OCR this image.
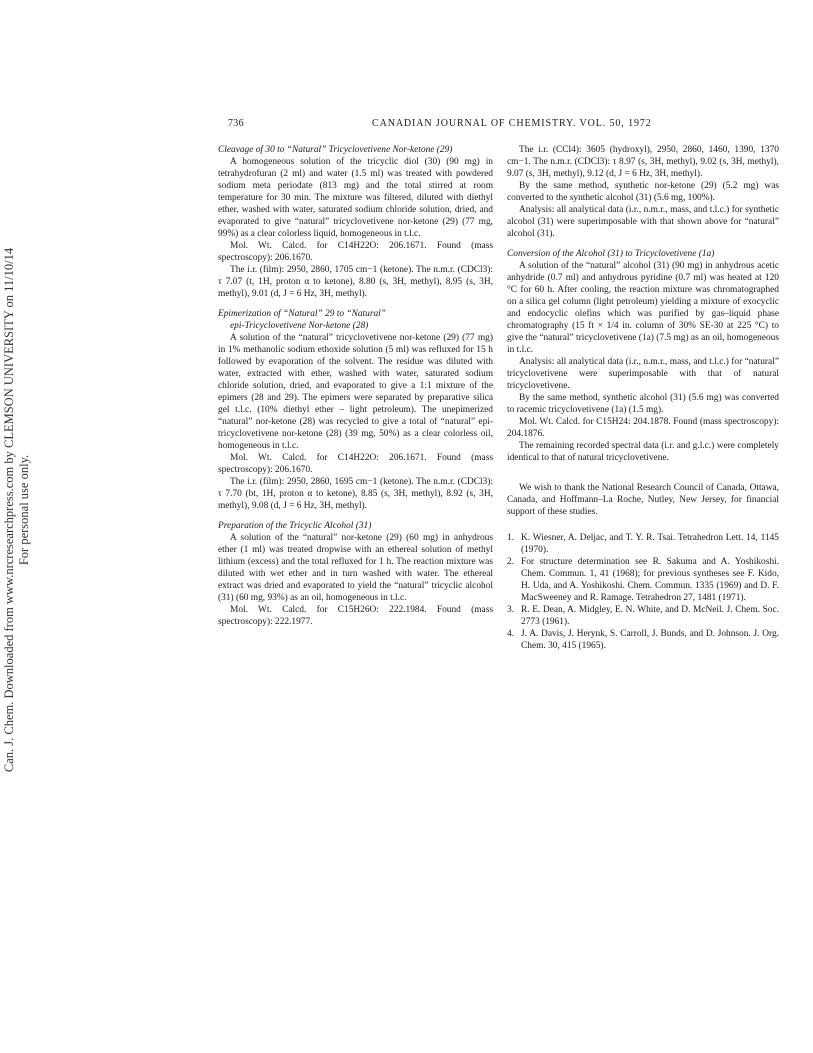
Can. J. Chem. Downloaded from www.nrcresearchpress.com by CLEMSON UNIVERSITY on 11/10/14 For personal use only.
736	CANADIAN JOURNAL OF CHEMISTRY. VOL. 50, 1972
Cleavage of 30 to “Natural” Tricyclovetivene Nor-ketone (29)

A homogeneous solution of the tricyclic diol (30) (90 mg) in tetrahydrofuran (2 ml) and water (1.5 ml) was treated with powdered sodium meta periodate (813 mg) and the total stirred at room temperature for 30 min. The mixture was filtered, diluted with diethyl ether, washed with water, saturated sodium chloride solution, dried, and evaporated to give “natural” tricyclovetivene nor-ketone (29) (77 mg, 99%) as a clear colorless liquid, homogeneous in t.l.c.

Mol. Wt. Calcd. for C14H22O: 206.1671. Found (mass spectroscopy): 206.1670.

The i.r. (film): 2950, 2860, 1705 cm−1 (ketone). The n.m.r. (CDCl3): τ 7.07 (t, 1H, proton α to ketone), 8.80 (s, 3H, methyl), 8.95 (s, 3H, methyl), 9.01 (d, J = 6 Hz, 3H, methyl).

Epimerization of “Natural” 29 to “Natural”
epi-Tricyclovetivene Nor-ketone (28)

A solution of the “natural” tricyclovetivene nor-ketone (29) (77 mg) in 1% methanolic sodium ethoxide solution (5 ml) was refluxed for 15 h followed by evaporation of the solvent. The residue was diluted with water, extracted with ether, washed with water, saturated sodium chloride solution, dried, and evaporated to give a 1:1 mixture of the epimers (28 and 29). The epimers were separated by preparative silica gel t.l.c. (10% diethyl ether – light petroleum). The unepimerized “natural” nor-ketone (28) was recycled to give a total of “natural” epi-tricyclovetivene nor-ketone (28) (39 mg, 50%) as a clear colorless oil, homogeneous in t.l.c.

Mol. Wt. Calcd. for C14H22O: 206.1671. Found (mass spectroscopy): 206.1670.

The i.r. (film): 2950, 2860, 1695 cm−1 (ketone). The n.m.r. (CDCl3): τ 7.70 (bt, 1H, proton α to ketone), 8.85 (s, 3H, methyl), 8.92 (s, 3H, methyl), 9.08 (d, J = 6 Hz, 3H, methyl).

Preparation of the Tricyclic Alcohol (31)

A solution of the “natural” nor-ketone (29) (60 mg) in anhydrous ether (1 ml) was treated dropwise with an ethereal solution of methyl lithium (excess) and the total refluxed for 1 h. The reaction mixture was diluted with wet ether and in turn washed with water. The ethereal extract was dried and evaporated to yield the “natural” tricyclic alcohol (31) (60 mg, 93%) as an oil, homogeneous in t.l.c.

Mol. Wt. Calcd. for C15H26O: 222.1984. Found (mass spectroscopy): 222.1977.

The i.r. (CCl4): 3605 (hydroxyl), 2950, 2860, 1460, 1390, 1370 cm−1. The n.m.r. (CDCl3): τ 8.97 (s, 3H, methyl), 9.02 (s, 3H, methyl), 9.07 (s, 3H, methyl), 9.12 (d, J = 6 Hz, 3H, methyl).

By the same method, synthetic nor-ketone (29) (5.2 mg) was converted to the synthetic alcohol (31) (5.6 mg, 100%).

Analysis: all analytical data (i.r., n.m.r., mass, and t.l.c.) for synthetic alcohol (31) were superimposable with that shown above for “natural” alcohol (31).

Conversion of the Alcohol (31) to Tricyclovetivene (1a)

A solution of the “natural” alcohol (31) (90 mg) in anhydrous acetic anhydride (0.7 ml) and anhydrous pyridine (0.7 ml) was heated at 120 °C for 60 h. After cooling, the reaction mixture was chromatographed on a silica gel column (light petroleum) yielding a mixture of exocyclic and endocyclic olefins which was purified by gas–liquid phase chromatography (15 ft × 1/4 in. column of 30% SE-30 at 225 °C) to give the “natural” tricyclovetivene (1a) (7.5 mg) as an oil, homogeneous in t.l.c.

Analysis: all analytical data (i.r., n.m.r., mass, and t.l.c.) for “natural” tricyclovetivene were superimposable with that of natural tricyclovetivene.

By the same method, synthetic alcohol (31) (5.6 mg) was converted to racemic tricyclovetivene (1a) (1.5 mg).

Mol. Wt. Calcd. for C15H24: 204.1878. Found (mass spectroscopy): 204.1876.

The remaining recorded spectral data (i.r. and g.l.c.) were completely identical to that of natural tricyclovetivene.

We wish to thank the National Research Council of Canada, Ottawa, Canada, and Hoffmann–La Roche, Nutley, New Jersey, for financial support of these studies.

1. K. Wiesner, A. Deljac, and T. Y. R. Tsai. Tetrahedron Lett. 14, 1145 (1970).
2. For structure determination see R. Sakuma and A. Yoshikoshi. Chem. Commun. 1, 41 (1968); for previous syntheses see F. Kido, H. Uda, and A. Yoshikoshi. Chem. Commun. 1335 (1969) and D. F. MacSweeney and R. Ramage. Tetrahedron 27, 1481 (1971).
3. R. E. Dean, A. Midgley, E. N. White, and D. McNeil. J. Chem. Soc. 2773 (1961).
4. J. A. Davis, J. Herynk, S. Carroll, J. Bunds, and D. Johnson. J. Org. Chem. 30, 415 (1965).
